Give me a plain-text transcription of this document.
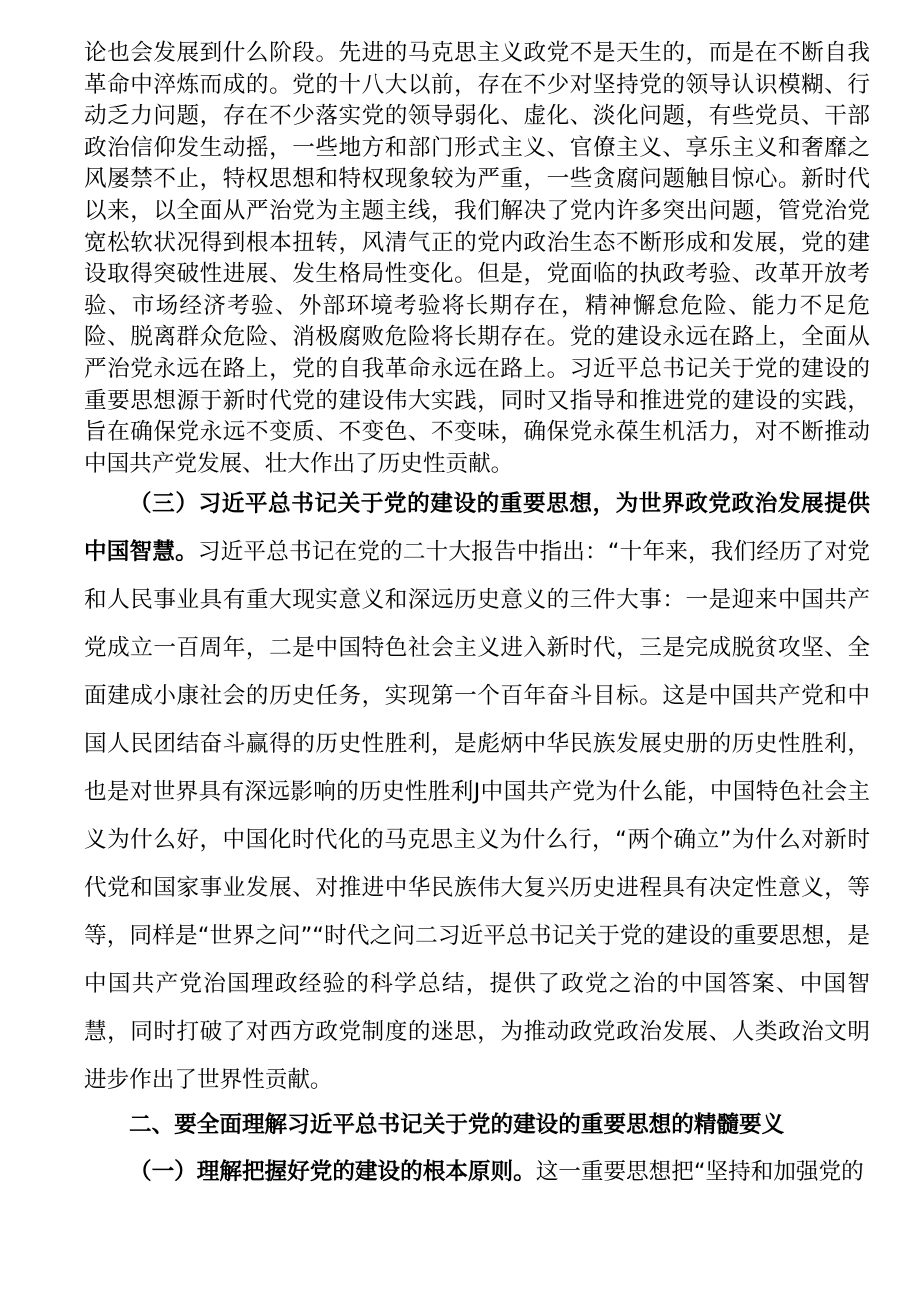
论也会发展到什么阶段。先进的马克思主义政党不是天生的，而是在不断自我革命中淬炼而成的。党的十八大以前，存在不少对坚持党的领导认识模糊、行动乏力问题，存在不少落实党的领导弱化、虚化、淡化问题，有些党员、干部政治信仰发生动摇，一些地方和部门形式主义、官僚主义、享乐主义和奢靡之风屡禁不止，特权思想和特权现象较为严重，一些贪腐问题触目惊心。新时代以来，以全面从严治党为主题主线，我们解决了党内许多突出问题，管党治党宽松软状况得到根本扭转，风清气正的党内政治生态不断形成和发展，党的建设取得突破性进展、发生格局性变化。但是，党面临的执政考验、改革开放考验、市场经济考验、外部环境考验将长期存在，精神懈怠危险、能力不足危险、脱离群众危险、消极腐败危险将长期存在。党的建设永远在路上，全面从严治党永远在路上，党的自我革命永远在路上。习近平总书记关于党的建设的重要思想源于新时代党的建设伟大实践，同时又指导和推进党的建设的实践，旨在确保党永远不变质、不变色、不变味，确保党永葆生机活力，对不断推动中国共产党发展、壮大作出了历史性贡献。

（三）习近平总书记关于党的建设的重要思想，为世界政党政治发展提供中国智慧。习近平总书记在党的二十大报告中指出：“十年来，我们经历了对党和人民事业具有重大现实意义和深远历史意义的三件大事：一是迎来中国共产党成立一百周年，二是中国特色社会主义进入新时代，三是完成脱贫攻坚、全面建成小康社会的历史任务，实现第一个百年奋斗目标。这是中国共产党和中国人民团结奋斗赢得的历史性胜利，是彪炳中华民族发展史册的历史性胜利，也是对世界具有深远影响的历史性胜利J中国共产党为什么能，中国特色社会主义为什么好，中国化时代化的马克思主义为什么行，“两个确立”为什么对新时代党和国家事业发展、对推进中华民族伟大复兴历史进程具有决定性意义，等等，同样是“世界之问”“时代之问二习近平总书记关于党的建设的重要思想，是中国共产党治国理政经验的科学总结，提供了政党之治的中国答案、中国智慧，同时打破了对西方政党制度的迷思，为推动政党政治发展、人类政治文明进步作出了世界性贡献。

二、要全面理解习近平总书记关于党的建设的重要思想的精髓要义

（一）理解把握好党的建设的根本原则。这一重要思想把“坚持和加强党的
